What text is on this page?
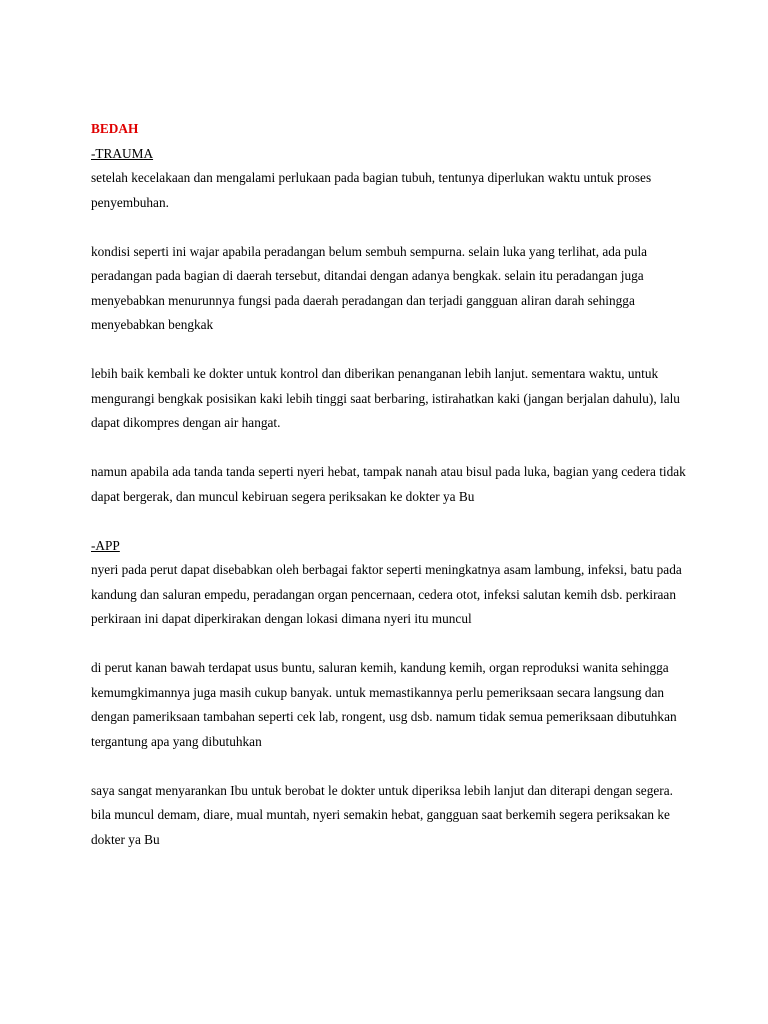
BEDAH

-TRAUMA

setelah kecelakaan dan mengalami perlukaan pada bagian tubuh, tentunya diperlukan waktu untuk proses penyembuhan.

kondisi seperti ini wajar apabila peradangan belum sembuh sempurna. selain luka yang terlihat, ada pula peradangan pada bagian di daerah tersebut, ditandai dengan adanya bengkak. selain itu peradangan juga menyebabkan menurunnya fungsi pada daerah peradangan dan terjadi gangguan aliran darah sehingga menyebabkan bengkak

lebih baik kembali ke dokter untuk kontrol dan diberikan penanganan lebih lanjut. sementara waktu, untuk mengurangi bengkak posisikan kaki lebih tinggi saat berbaring, istirahatkan kaki (jangan berjalan dahulu), lalu dapat dikompres dengan air hangat.

namun apabila ada tanda tanda seperti nyeri hebat, tampak nanah atau bisul pada luka, bagian yang cedera tidak dapat bergerak, dan muncul kebiruan segera periksakan ke dokter ya Bu

-APP

nyeri pada perut dapat disebabkan oleh berbagai faktor seperti meningkatnya asam lambung, infeksi, batu pada kandung dan saluran empedu, peradangan organ pencernaan, cedera otot, infeksi salutan kemih dsb. perkiraan perkiraan ini dapat diperkirakan dengan lokasi dimana nyeri itu muncul

di perut kanan bawah terdapat usus buntu, saluran kemih, kandung kemih, organ reproduksi wanita sehingga kemumgkimannya juga masih cukup banyak. untuk memastikannya perlu pemeriksaan secara langsung dan dengan pameriksaan tambahan seperti cek lab, rongent, usg dsb. namum tidak semua pemeriksaan dibutuhkan tergantung apa yang dibutuhkan

saya sangat menyarankan Ibu untuk berobat le dokter untuk diperiksa lebih lanjut dan diterapi dengan segera. bila muncul demam, diare, mual muntah, nyeri semakin hebat, gangguan saat berkemih segera periksakan ke dokter ya Bu
